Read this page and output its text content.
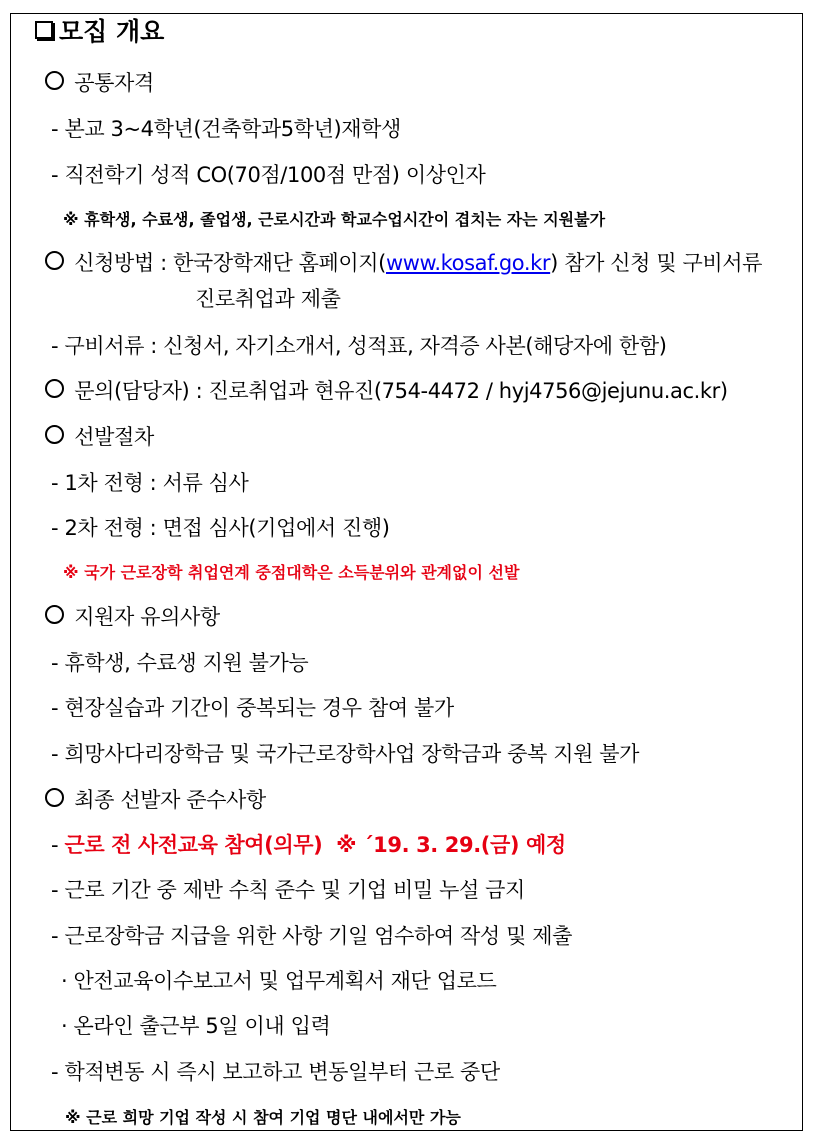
모집 개요
공통자격
- 본교 3~4학년(건축학과5학년)재학생
- 직전학기 성적 CO(70점/100점 만점) 이상인자
※ 휴학생, 수료생, 졸업생, 근로시간과 학교수업시간이 겹치는 자는 지원불가
신청방법 : 한국장학재단 홈페이지(www.kosaf.go.kr) 참가 신청 및 구비서류
진로취업과 제출
- 구비서류 : 신청서, 자기소개서, 성적표, 자격증 사본(해당자에 한함)
문의(담당자) : 진로취업과 현유진(754-4472 / hyj4756@jejunu.ac.kr)
선발절차
- 1차 전형 : 서류 심사
- 2차 전형 : 면접 심사(기업에서 진행)
※ 국가 근로장학 취업연계 중점대학은 소득분위와 관계없이 선발
지원자 유의사항
- 휴학생, 수료생 지원 불가능
- 현장실습과 기간이 중복되는 경우 참여 불가
- 희망사다리장학금 및 국가근로장학사업 장학금과 중복 지원 불가
최종 선발자 준수사항
- 근로 전 사전교육 참여(의무)  ※ ´19. 3. 29.(금) 예정
- 근로 기간 중 제반 수칙 준수 및 기업 비밀 누설 금지
- 근로장학금 지급을 위한 사항 기일 엄수하여 작성 및 제출
· 안전교육이수보고서 및 업무계획서 재단 업로드
· 온라인 출근부 5일 이내 입력
- 학적변동 시 즉시 보고하고 변동일부터 근로 중단
※ 근로 희망 기업 작성 시 참여 기업 명단 내에서만 가능
